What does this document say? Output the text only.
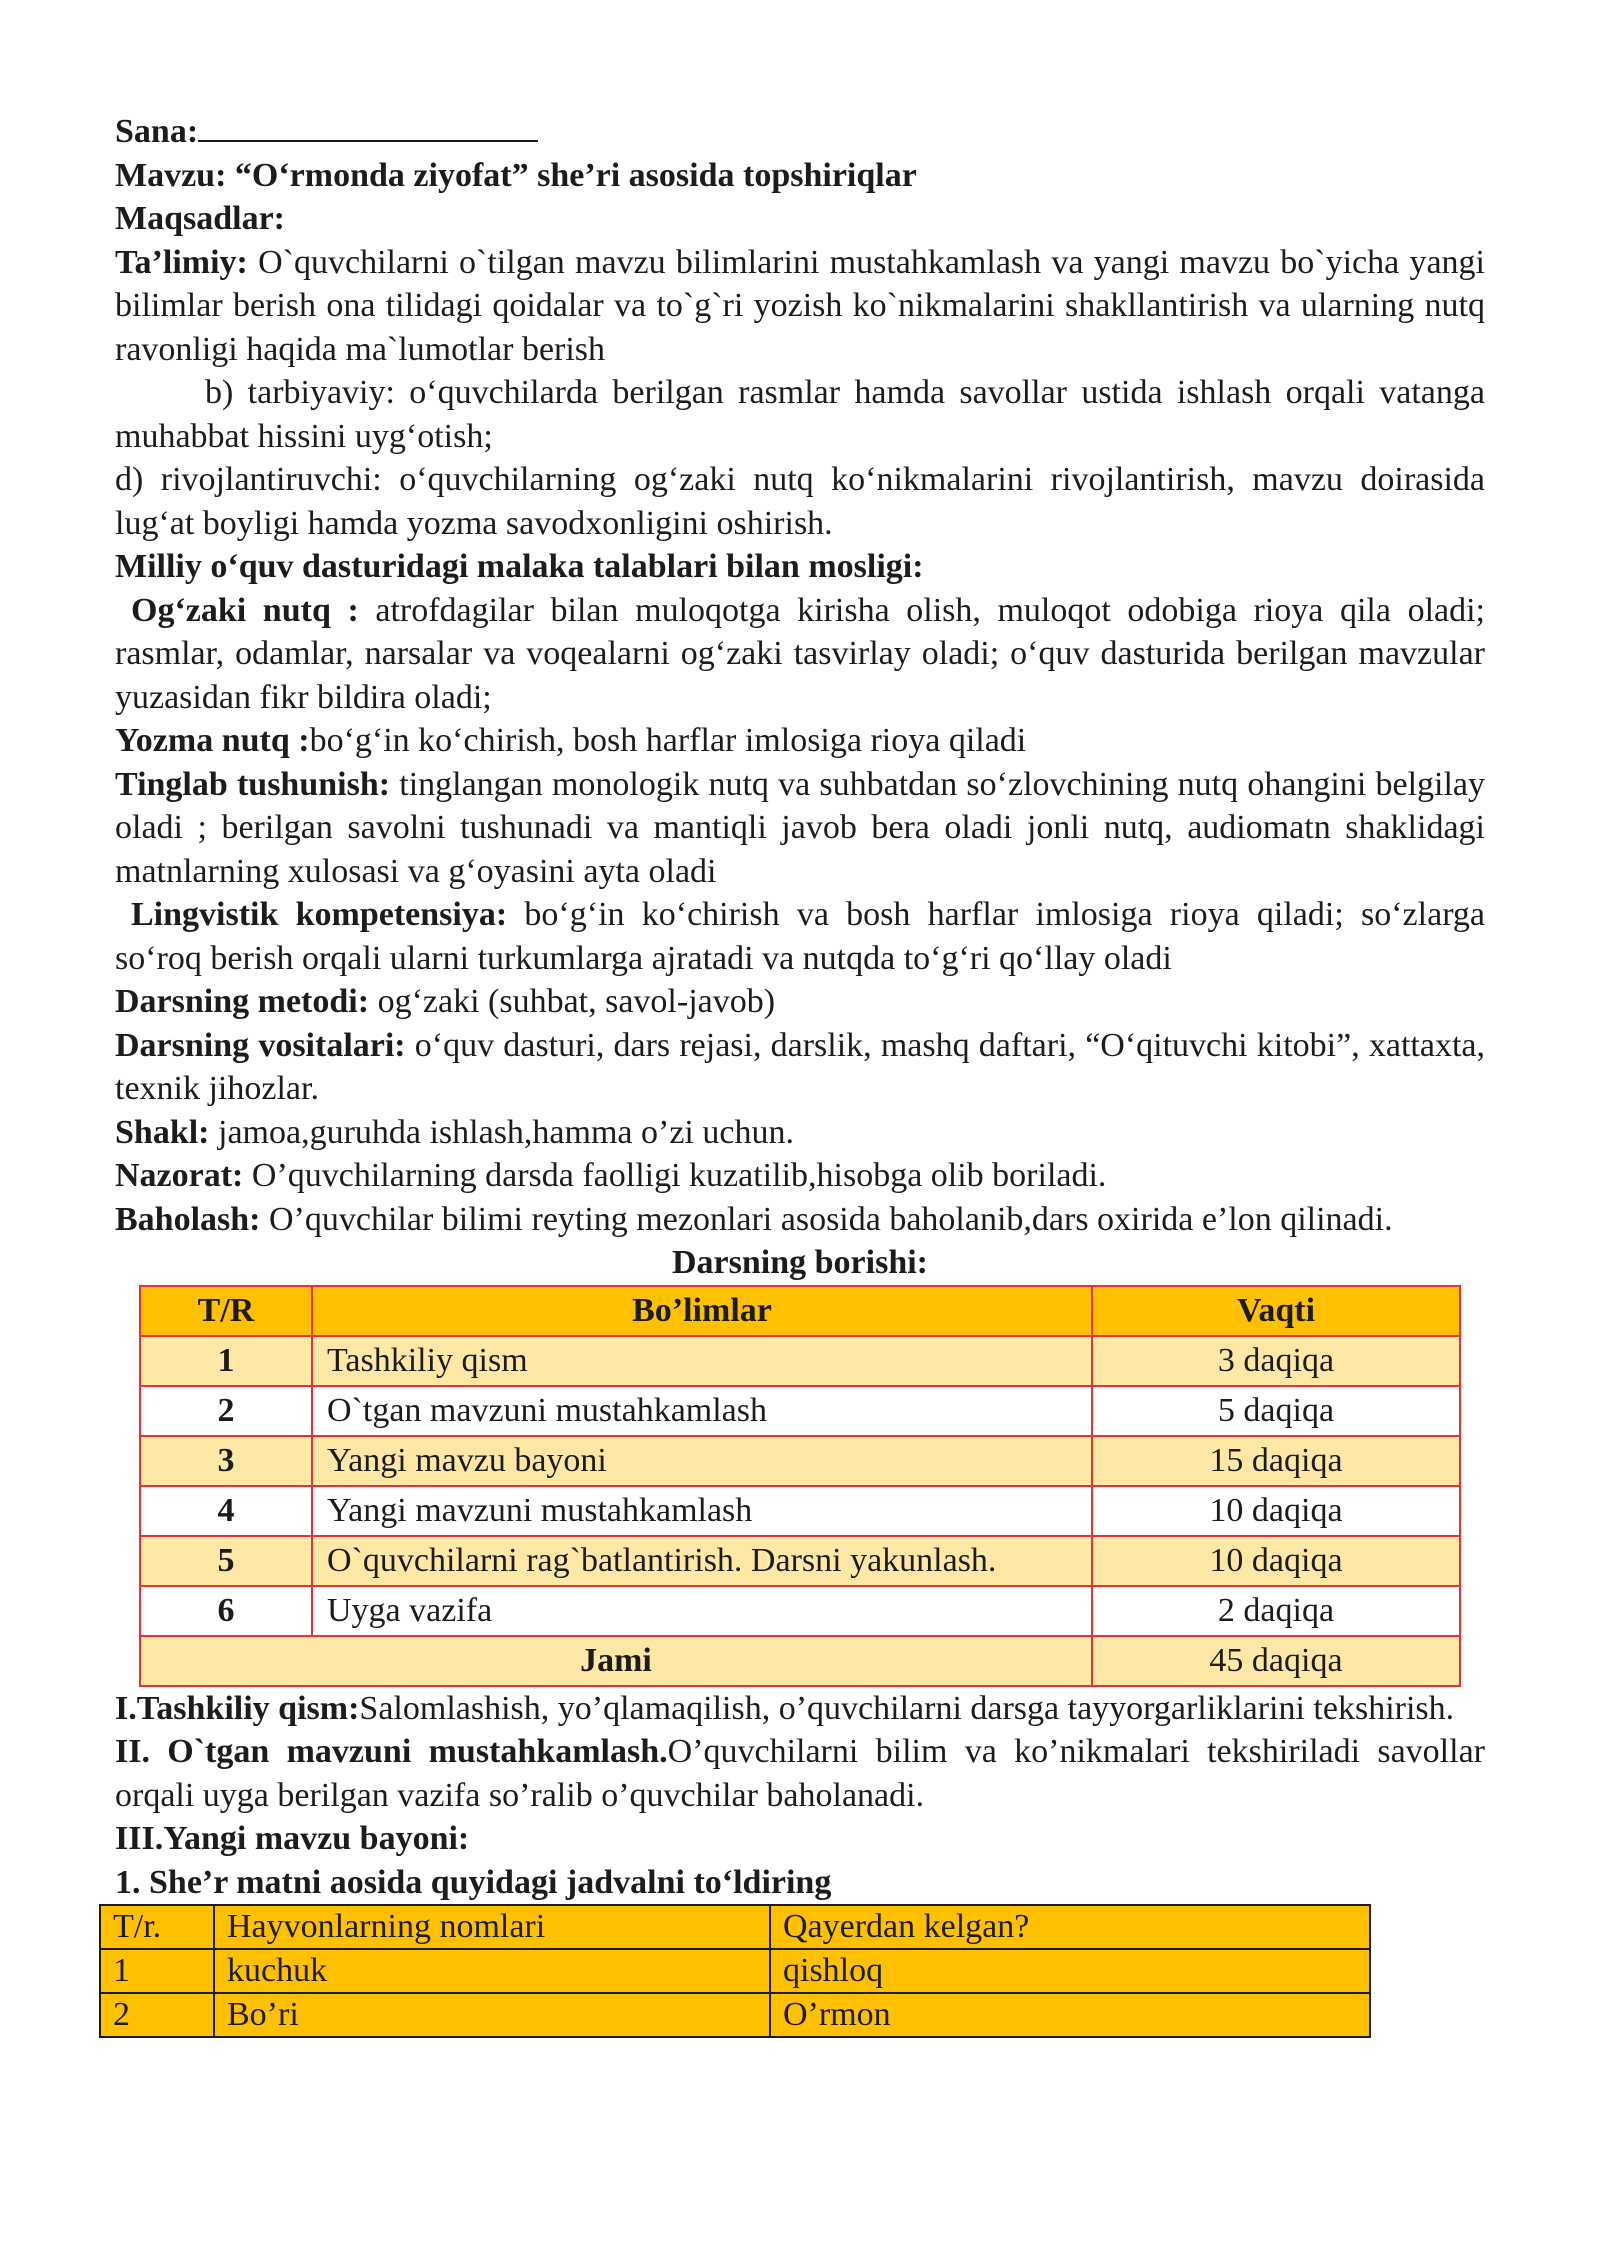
Sana:

Mavzu: “O‘rmonda ziyofat” she’ri asosida topshiriqlar

Maqsadlar:

Ta’limiy: O`quvchilarni o`tilgan mavzu bilimlarini mustahkamlash va yangi mavzu bo`yicha yangi bilimlar berish ona tilidagi qoidalar va to`g`ri yozish ko`nikmalarini shakllantirish va ularning nutq ravonligi haqida ma`lumotlar berish

b) tarbiyaviy: o‘quvchilarda berilgan rasmlar hamda savollar ustida ishlash orqali vatanga muhabbat hissini uyg‘otish;

d) rivojlantiruvchi: o‘quvchilarning og‘zaki nutq ko‘nikmalarini rivojlantirish, mavzu doirasida lug‘at boyligi hamda yozma savodxonligini oshirish.

Milliy o‘quv dasturidagi malaka talablari bilan mosligi:

Og‘zaki nutq : atrofdagilar bilan muloqotga kirisha olish, muloqot odobiga rioya qila oladi; rasmlar, odamlar, narsalar va voqealarni og‘zaki tasvirlay oladi; o‘quv dasturida berilgan mavzular yuzasidan fikr bildira oladi;

Yozma nutq :bo‘g‘in ko‘chirish, bosh harflar imlosiga rioya qiladi

Tinglab tushunish: tinglangan monologik nutq va suhbatdan so‘zlovchining nutq ohangini belgilay oladi ; berilgan savolni tushunadi va mantiqli javob bera oladi jonli nutq, audiomatn shaklidagi matnlarning xulosasi va g‘oyasini ayta oladi

Lingvistik kompetensiya: bo‘g‘in ko‘chirish va bosh harflar imlosiga rioya qiladi; so‘zlarga so‘roq berish orqali ularni turkumlarga ajratadi va nutqda to‘g‘ri qo‘llay oladi

Darsning metodi: og‘zaki (suhbat, savol-javob)

Darsning vositalari: o‘quv dasturi, dars rejasi, darslik, mashq daftari, “O‘qituvchi kitobi”, xattaxta, texnik jihozlar.

Shakl: jamoa,guruhda ishlash,hamma o’zi uchun.

Nazorat: O’quvchilarning darsda faolligi kuzatilib,hisobga olib boriladi.

Baholash: O’quvchilar bilimi reyting mezonlari asosida baholanib,dars oxirida e’lon qilinadi.

Darsning borishi:

T/R	Bo’limlar	Vaqti
1	Tashkiliy qism	3 daqiqa
2	O`tgan mavzuni mustahkamlash	5 daqiqa
3	Yangi mavzu bayoni	15 daqiqa
4	Yangi mavzuni mustahkamlash	10 daqiqa
5	O`quvchilarni rag`batlantirish. Darsni yakunlash.	10 daqiqa
6	Uyga vazifa	2 daqiqa
Jami		45 daqiqa

I.Tashkiliy qism:Salomlashish, yo’qlamaqilish, o’quvchilarni darsga tayyorgarliklarini tekshirish.

II. O`tgan mavzuni mustahkamlash.O’quvchilarni bilim va ko’nikmalari tekshiriladi savollar orqali uyga berilgan vazifa so’ralib o’quvchilar baholanadi.

III.Yangi mavzu bayoni:

1. She’r matni aosida quyidagi jadvalni to‘ldiring

T/r.	Hayvonlarning nomlari	Qayerdan kelgan?
1	kuchuk	qishloq
2	Bo’ri	O’rmon
